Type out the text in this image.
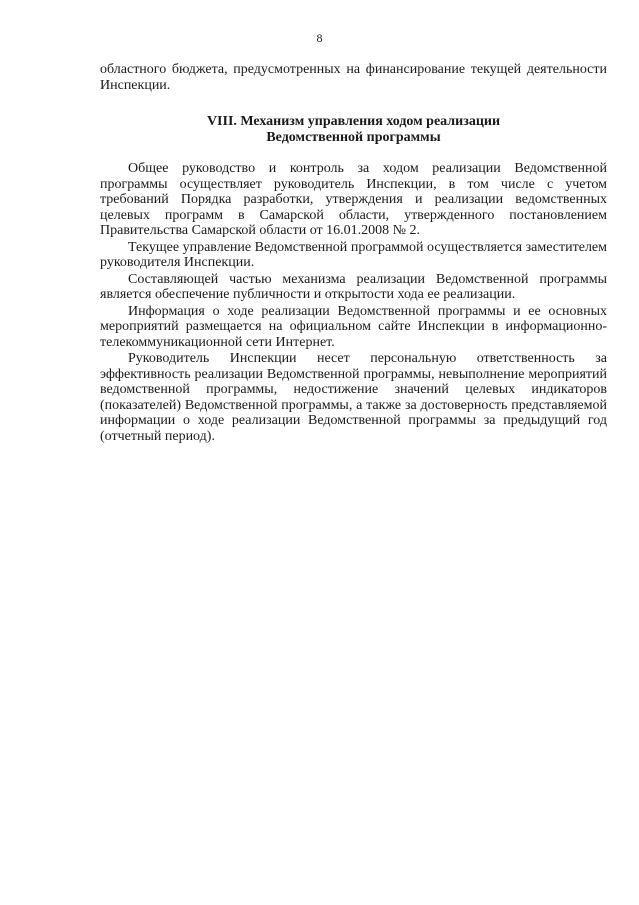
8
областного бюджета, предусмотренных на финансирование текущей деятельности Инспекции.
VIII. Механизм управления ходом реализации
Ведомственной программы

Общее руководство и контроль за ходом реализации Ведомственной программы осуществляет руководитель Инспекции, в том числе с учетом требований Порядка разработки, утверждения и реализации ведомственных целевых программ в Самарской области, утвержденного постановлением Правительства Самарской области от 16.01.2008 № 2.

Текущее управление Ведомственной программой осуществляется заместителем руководителя Инспекции.

Составляющей частью механизма реализации Ведомственной программы является обеспечение публичности и открытости хода ее реализации.

Информация о ходе реализации Ведомственной программы и ее основных мероприятий размещается на официальном сайте Инспекции в информационно-телекоммуникационной сети Интернет.

Руководитель Инспекции несет персональную ответственность за эффективность реализации Ведомственной программы, невыполнение мероприятий ведомственной программы, недостижение значений целевых индикаторов (показателей) Ведомственной программы, а также за достоверность представляемой информации о ходе реализации Ведомственной программы за предыдущий год (отчетный период).
